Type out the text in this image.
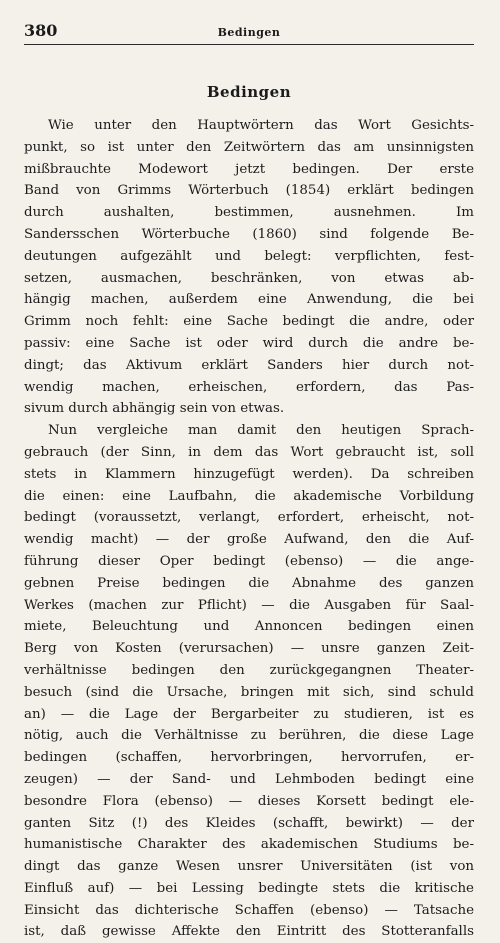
380	Bedingen
Bedingen
Wie unter den Hauptwörtern das Wort Gesichts-
punkt, so ist unter den Zeitwörtern das am unsinnigsten
mißbrauchte Modewort jetzt bedingen. Der erste
Band von Grimms Wörterbuch (1854) erklärt bedingen
durch aushalten, bestimmen, ausnehmen. Im
Sandersschen Wörterbuche (1860) sind folgende Be-
deutungen aufgezählt und belegt: verpflichten, fest-
setzen, ausmachen, beschränken, von etwas ab-
hängig machen, außerdem eine Anwendung, die bei
Grimm noch fehlt: eine Sache bedingt die andre, oder
passiv: eine Sache ist oder wird durch die andre be-
dingt; das Aktivum erklärt Sanders hier durch not-
wendig machen, erheischen, erfordern, das Pas-
sivum durch abhängig sein von etwas.
Nun vergleiche man damit den heutigen Sprach-
gebrauch (der Sinn, in dem das Wort gebraucht ist, soll
stets in Klammern hinzugefügt werden). Da schreiben
die einen: eine Laufbahn, die akademische Vorbildung
bedingt (voraussetzt, verlangt, erfordert, erheischt, not-
wendig macht) — der große Aufwand, den die Auf-
führung dieser Oper bedingt (ebenso) — die ange-
gebnen Preise bedingen die Abnahme des ganzen
Werkes (machen zur Pflicht) — die Ausgaben für Saal-
miete, Beleuchtung und Annoncen bedingen einen
Berg von Kosten (verursachen) — unsre ganzen Zeit-
verhältnisse bedingen den zurückgegangnen Theater-
besuch (sind die Ursache, bringen mit sich, sind schuld
an) — die Lage der Bergarbeiter zu studieren, ist es
nötig, auch die Verhältnisse zu berühren, die diese Lage
bedingen (schaffen, hervorbringen, hervorrufen, er-
zeugen) — der Sand- und Lehmboden bedingt eine
besondre Flora (ebenso) — dieses Korsett bedingt ele-
ganten Sitz (!) des Kleides (schafft, bewirkt) — der
humanistische Charakter des akademischen Studiums be-
dingt das ganze Wesen unsrer Universitäten (ist von
Einfluß auf) — bei Lessing bedingte stets die kritische
Einsicht das dichterische Schaffen (ebenso) — Tatsache
ist, daß gewisse Affekte den Eintritt des Stotteranfalls
